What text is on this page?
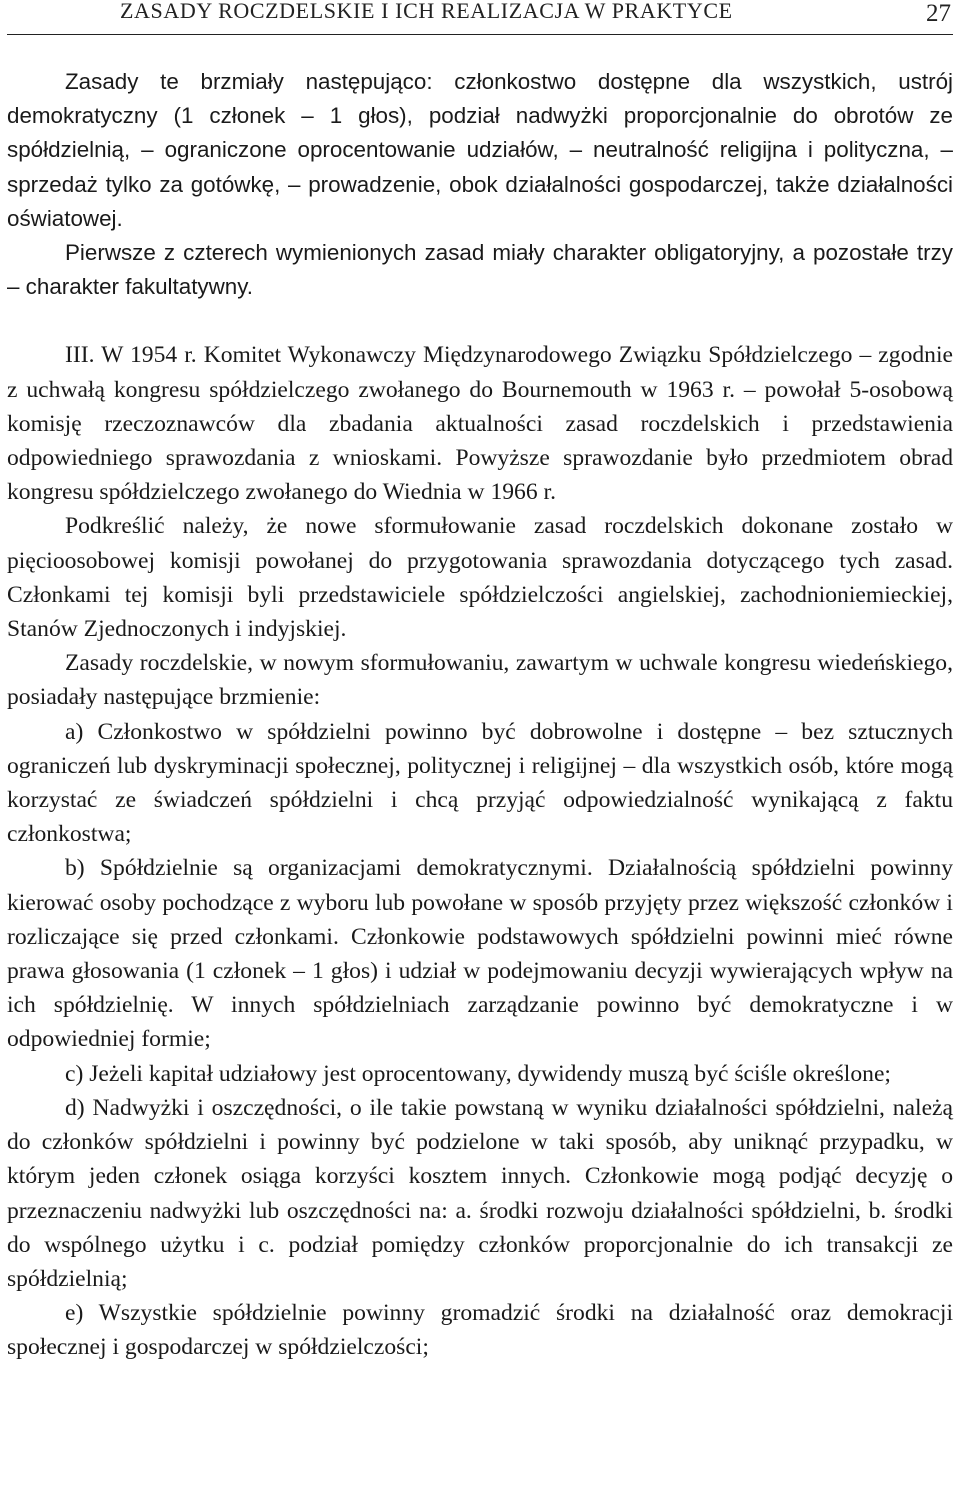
ZASADY ROCZDELSKIE I ICH REALIZACJA W PRAKTYCE	27

Zasady te brzmiały następująco: członkostwo dostępne dla wszystkich, ustrój demokratyczny (1 członek – 1 głos), podział nadwyżki proporcjonalnie do obrotów ze spółdzielnią, – ograniczone oprocentowanie udziałów, – neutralność religijna i polityczna, – sprzedaż tylko za gotówkę, – prowadzenie, obok działalności gospodarczej, także działalności oświatowej.

Pierwsze z czterech wymienionych zasad miały charakter obligatoryjny, a pozostałe trzy – charakter fakultatywny.

III. W 1954 r. Komitet Wykonawczy Międzynarodowego Związku Spółdzielczego – zgodnie z uchwałą kongresu spółdzielczego zwołanego do Bournemouth w 1963 r. – powołał 5-osobową komisję rzeczoznawców dla zbadania aktualności zasad roczdelskich i przedstawienia odpowiedniego sprawozdania z wnioskami. Powyższe sprawozdanie było przedmiotem obrad kongresu spółdzielczego zwołanego do Wiednia w 1966 r.

Podkreślić należy, że nowe sformułowanie zasad roczdelskich dokonane zostało w pięcioosobowej komisji powołanej do przygotowania sprawozdania dotyczącego tych zasad. Członkami tej komisji byli przedstawiciele spółdzielczości angielskiej, zachodnioniemieckiej, Stanów Zjednoczonych i indyjskiej.

Zasady roczdelskie, w nowym sformułowaniu, zawartym w uchwale kongresu wiedeńskiego, posiadały następujące brzmienie:

a) Członkostwo w spółdzielni powinno być dobrowolne i dostępne – bez sztucznych ograniczeń lub dyskryminacji społecznej, politycznej i religijnej – dla wszystkich osób, które mogą korzystać ze świadczeń spółdzielni i chcą przyjąć odpowiedzialność wynikającą z faktu członkostwa;

b) Spółdzielnie są organizacjami demokratycznymi. Działalnością spółdzielni powinny kierować osoby pochodzące z wyboru lub powołane w sposób przyjęty przez większość członków i rozliczające się przed członkami. Członkowie podstawowych spółdzielni powinni mieć równe prawa głosowania (1 członek – 1 głos) i udział w podejmowaniu decyzji wywierających wpływ na ich spółdzielnię. W innych spółdzielniach zarządzanie powinno być demokratyczne i w odpowiedniej formie;

c) Jeżeli kapitał udziałowy jest oprocentowany, dywidendy muszą być ściśle określone;

d) Nadwyżki i oszczędności, o ile takie powstaną w wyniku działalności spółdzielni, należą do członków spółdzielni i powinny być podzielone w taki sposób, aby uniknąć przypadku, w którym jeden członek osiąga korzyści kosztem innych. Członkowie mogą podjąć decyzję o przeznaczeniu nadwyżki lub oszczędności na: a. środki rozwoju działalności spółdzielni, b. środki do wspólnego użytku i c. podział pomiędzy członków proporcjonalnie do ich transakcji ze spółdzielnią;

e) Wszystkie spółdzielnie powinny gromadzić środki na działalność oraz demokracji społecznej i gospodarczej w spółdzielczości;
